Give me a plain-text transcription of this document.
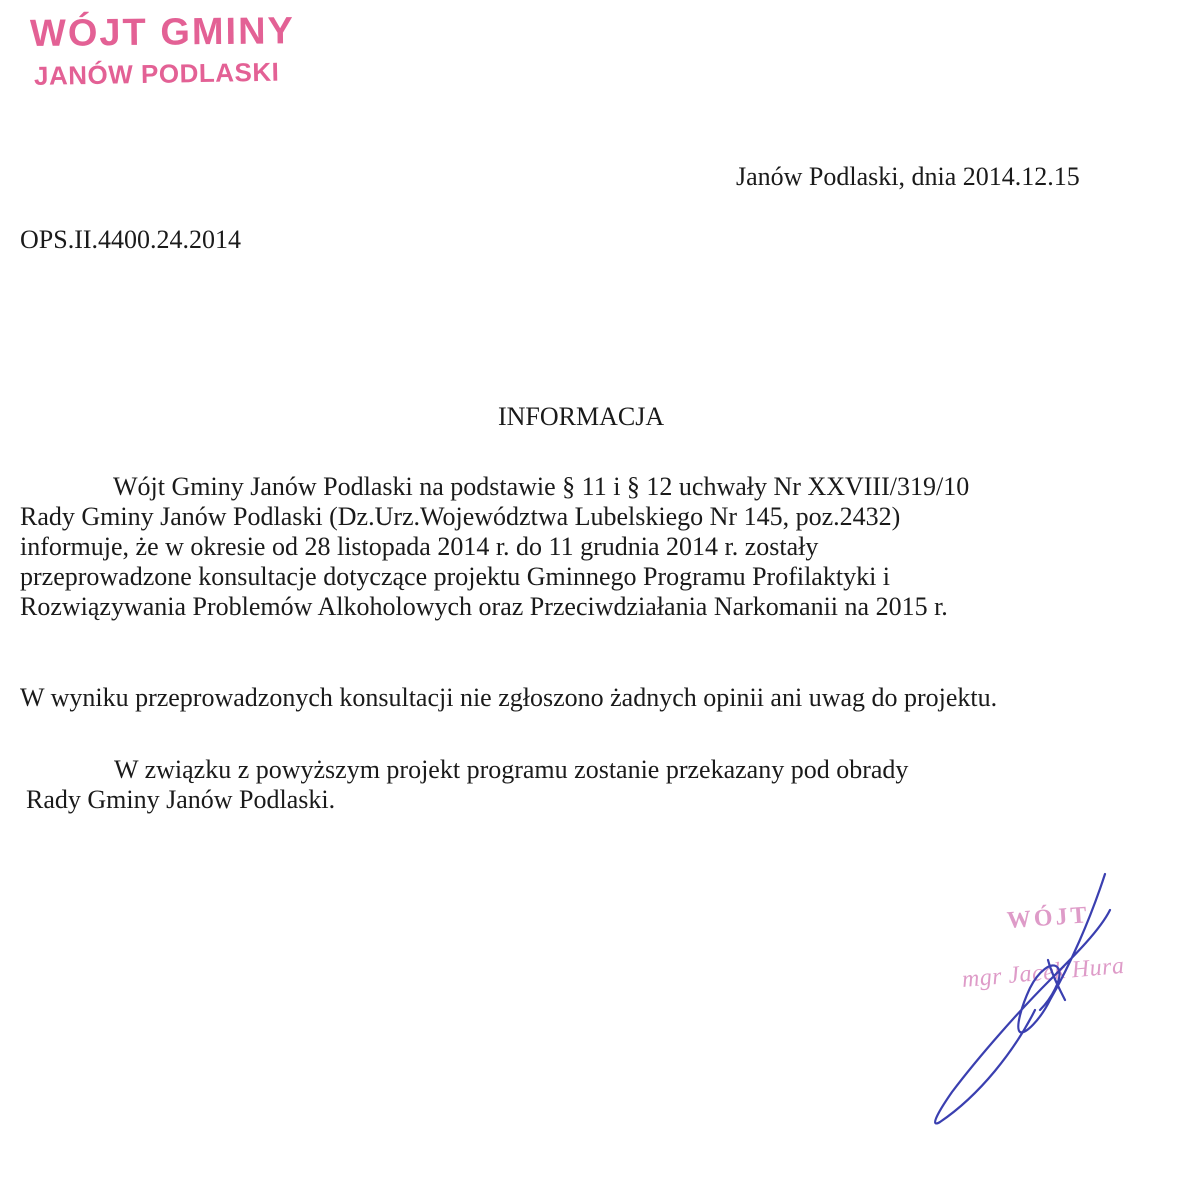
WÓJT GMINY
JANÓW PODLASKI
Janów Podlaski, dnia 2014.12.15
OPS.II.4400.24.2014
INFORMACJA
Wójt Gminy Janów Podlaski na podstawie § 11 i § 12 uchwały Nr XXVIII/319/10
Rady Gminy Janów Podlaski (Dz.Urz.Województwa Lubelskiego Nr 145, poz.2432)
informuje, że w okresie od 28 listopada 2014 r. do 11 grudnia 2014 r. zostały
przeprowadzone konsultacje dotyczące projektu Gminnego Programu Profilaktyki i
Rozwiązywania Problemów Alkoholowych oraz Przeciwdziałania Narkomanii na 2015 r.
W wyniku przeprowadzonych konsultacji nie zgłoszono żadnych opinii ani uwag do projektu.
W związku z powyższym projekt programu zostanie przekazany pod obrady
Rady Gminy Janów Podlaski.
WÓJT
mgr Jacek Hura
